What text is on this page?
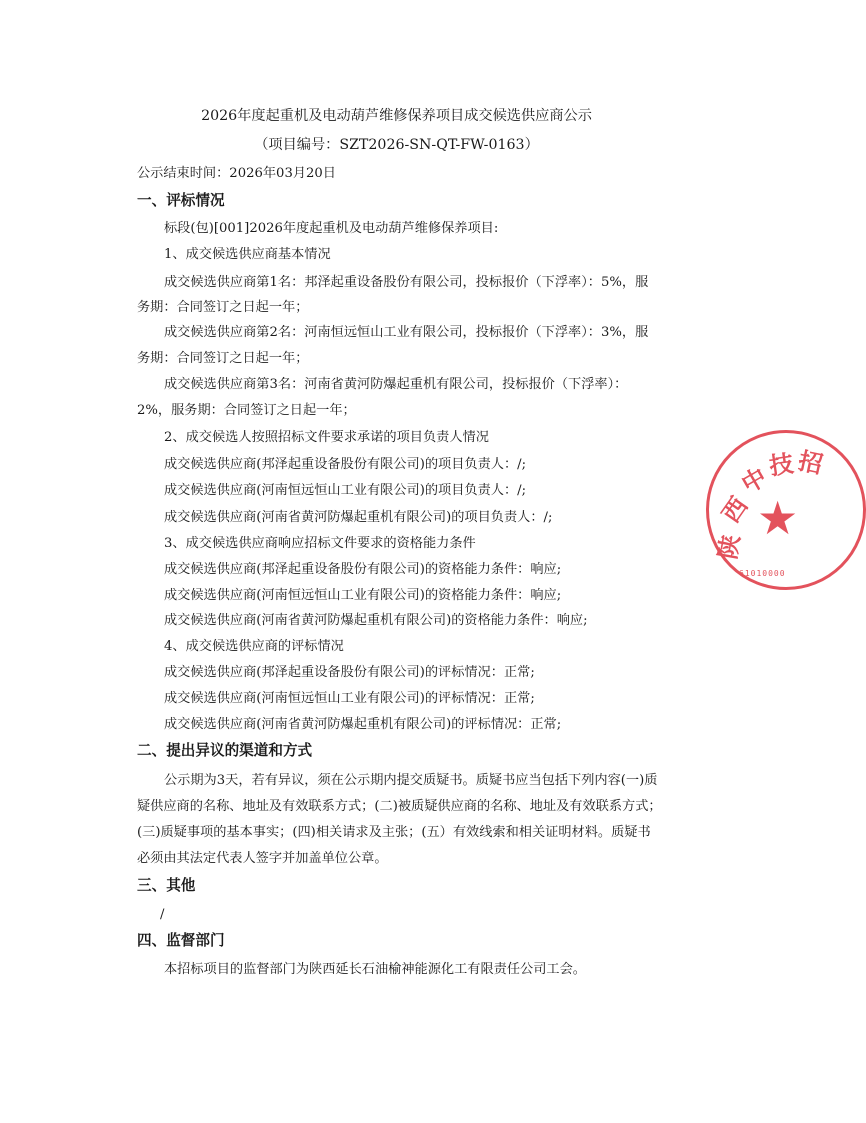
2026年度起重机及电动葫芦维修保养项目成交候选供应商公示
（项目编号：SZT2026-SN-QT-FW-0163）
公示结束时间：2026年03月20日
一、评标情况
标段(包)[001]2026年度起重机及电动葫芦维修保养项目:
1、成交候选供应商基本情况
成交候选供应商第1名：邦泽起重设备股份有限公司，投标报价（下浮率）：5%，服
务期：合同签订之日起一年；
成交候选供应商第2名：河南恒远恒山工业有限公司，投标报价（下浮率）：3%，服
务期：合同签订之日起一年；
成交候选供应商第3名：河南省黄河防爆起重机有限公司，投标报价（下浮率）：
2%，服务期：合同签订之日起一年；
2、成交候选人按照招标文件要求承诺的项目负责人情况
成交候选供应商(邦泽起重设备股份有限公司)的项目负责人：/;
成交候选供应商(河南恒远恒山工业有限公司)的项目负责人：/;
成交候选供应商(河南省黄河防爆起重机有限公司)的项目负责人：/;
3、成交候选供应商响应招标文件要求的资格能力条件
成交候选供应商(邦泽起重设备股份有限公司)的资格能力条件：响应;
成交候选供应商(河南恒远恒山工业有限公司)的资格能力条件：响应;
成交候选供应商(河南省黄河防爆起重机有限公司)的资格能力条件：响应;
4、成交候选供应商的评标情况
成交候选供应商(邦泽起重设备股份有限公司)的评标情况：正常;
成交候选供应商(河南恒远恒山工业有限公司)的评标情况：正常;
成交候选供应商(河南省黄河防爆起重机有限公司)的评标情况：正常;
二、提出异议的渠道和方式
公示期为3天，若有异议，须在公示期内提交质疑书。质疑书应当包括下列内容(一)质
疑供应商的名称、地址及有效联系方式；(二)被质疑供应商的名称、地址及有效联系方式；
(三)质疑事项的基本事实；(四)相关请求及主张；(五）有效线索和相关证明材料。质疑书
必须由其法定代表人签字并加盖单位公章。
三、其他
/
四、监督部门
本招标项目的监督部门为陕西延长石油榆神能源化工有限责任公司工会。
陕
西
中
技 招
★
61010000
